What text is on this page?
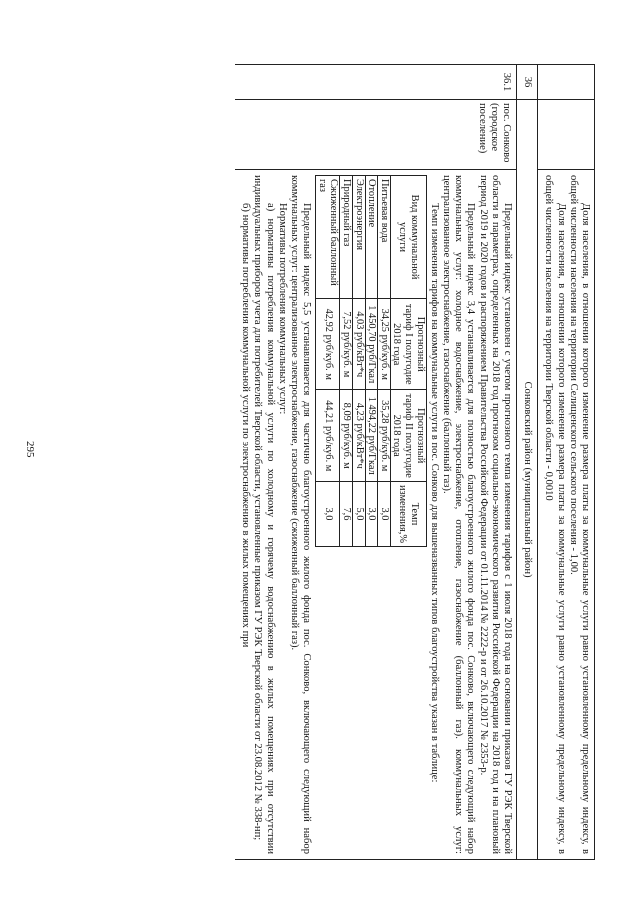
295	Доля населения, в отношении которого изменение размера платы за коммунальные услуги равно установленному предельному индексу, в общей численности населения на территории Селищенского сельского поселения - 1,00.

Доля населения, в отношении которого изменение размера платы за коммунальные услуги равно установленному предельному индексу, в общей численности населения на территории Тверской области - 0,0010

36
Сонковский район (муниципальный район)
36.1
пос. Сонково (городское поселение)

Предельный индекс установлен с учетом прогнозного темпа изменения тарифов с 1 июля 2018 года на основании приказов ГУ РЭК Тверской области в параметрах, определенных на 2018 год прогнозом социально-экономического развития Российской Федерации на 2018 год и на плановый период 2019 и 2020 годов и распоряжением Правительства Российской Федерации от 01.11.2014 № 2222-р и от 26.10.2017 № 2353-р.

Предельный индекс 3,4 устанавливается для полностью благоустроенного жилого фонда пос. Сонково, включающего следующий набор коммунальных услуг: холодное водоснабжение, электроснабжение, отопление, газоснабжение (баллонный газ). коммунальных услуг: централизованное электроснабжение, газоснабжение (баллонный газ).

Темп изменения тарифов на коммунальные услуги в пос. Сонково для вышеназванных типов благоустройства указан в таблице:

Вид коммунальной услуги	Прогнозный тариф I полугодие 2018 года	Прогнозный тариф II полугодие 2018 года	Темп изменения,%
Питьевая вода	34,25 руб/куб. м	35,28 руб/куб. м	3,0
Отопление	1 450,70 руб/Гкал	1 494,22 руб/Гкал	3,0
Электроэнергия	4,03 руб/кВт*ч	4,23 руб/кВт*ч	5,0
Природный газ	7,52 руб/куб. м	8,09 руб/куб. м	7,6
Сжиженный баллонный газ	42,92 руб/куб. м	44,21 руб/куб. м	3,0

Предельный индекс 5,5 устанавливается для частично благоустроенного жилого фонда пос. Сонково, включающего следующий набор коммунальных услуг: централизованное электроснабжение, газоснабжение (сжиженный баллонный газ).

Нормативы потребления коммунальных услуг:

а) нормативы потребления коммунальной услуги по холодному и горячему водоснабжению в жилых помещениях при отсутствии индивидуальных приборов учета для потребителей Тверской области, установленные приказом ГУ РЭК Тверской области от 23.08.2012 № 338-нп;

б) нормативы потребления коммунальной услуги по электроснабжению в жилых помещениях при
